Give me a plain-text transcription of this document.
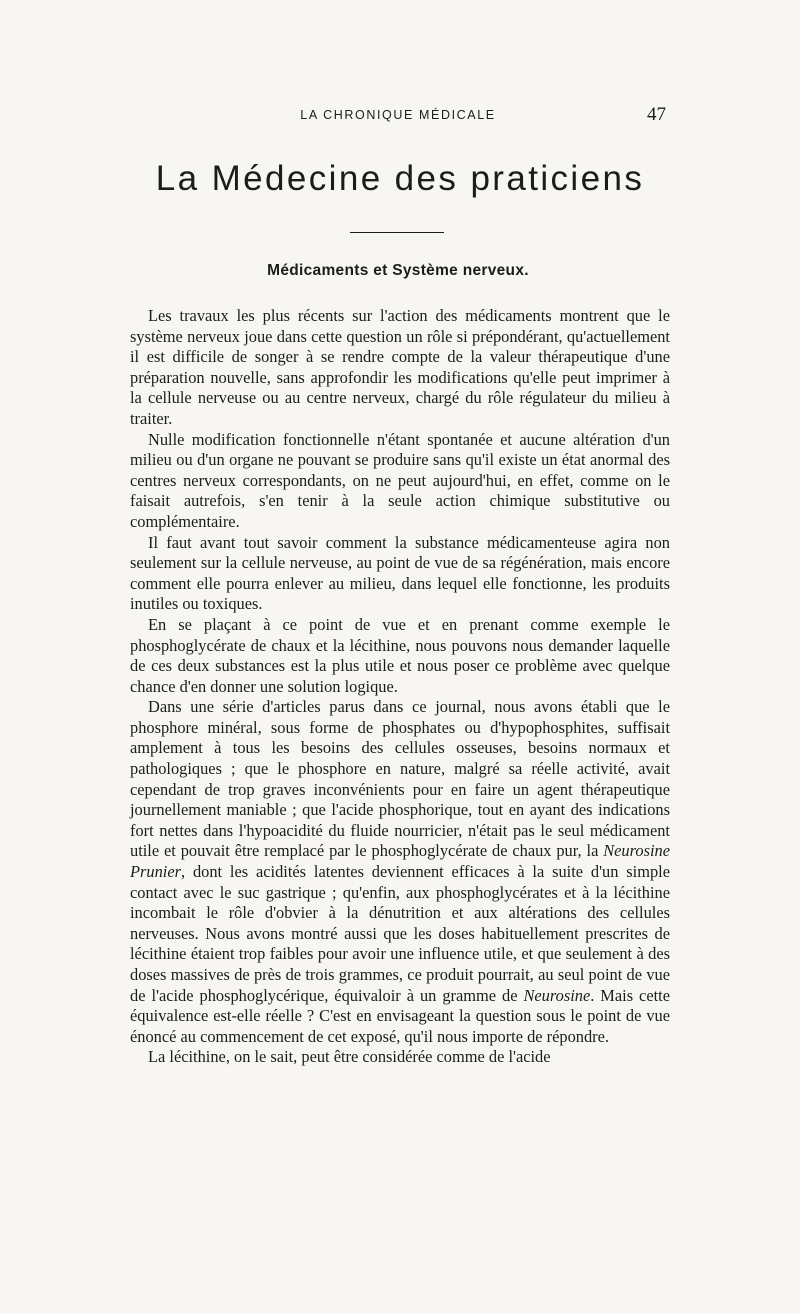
LA CHRONIQUE MÉDICALE	47
La Médecine des praticiens
Médicaments et Système nerveux.

Les travaux les plus récents sur l'action des médicaments montrent que le système nerveux joue dans cette question un rôle si prépondérant, qu'actuellement il est difficile de songer à se rendre compte de la valeur thérapeutique d'une préparation nouvelle, sans approfondir les modifications qu'elle peut imprimer à la cellule nerveuse ou au centre nerveux, chargé du rôle régulateur du milieu à traiter.

Nulle modification fonctionnelle n'étant spontanée et aucune altération d'un milieu ou d'un organe ne pouvant se produire sans qu'il existe un état anormal des centres nerveux correspondants, on ne peut aujourd'hui, en effet, comme on le faisait autrefois, s'en tenir à la seule action chimique substitutive ou complémentaire.

Il faut avant tout savoir comment la substance médicamenteuse agira non seulement sur la cellule nerveuse, au point de vue de sa régénération, mais encore comment elle pourra enlever au milieu, dans lequel elle fonctionne, les produits inutiles ou toxiques.

En se plaçant à ce point de vue et en prenant comme exemple le phosphoglycérate de chaux et la lécithine, nous pouvons nous demander laquelle de ces deux substances est la plus utile et nous poser ce problème avec quelque chance d'en donner une solution logique.

Dans une série d'articles parus dans ce journal, nous avons établi que le phosphore minéral, sous forme de phosphates ou d'hypophosphites, suffisait amplement à tous les besoins des cellules osseuses, besoins normaux et pathologiques ; que le phosphore en nature, malgré sa réelle activité, avait cependant de trop graves inconvénients pour en faire un agent thérapeutique journellement maniable ; que l'acide phosphorique, tout en ayant des indications fort nettes dans l'hypoacidité du fluide nourricier, n'était pas le seul médicament utile et pouvait être remplacé par le phosphoglycérate de chaux pur, la Neurosine Prunier, dont les acidités latentes deviennent efficaces à la suite d'un simple contact avec le suc gastrique ; qu'enfin, aux phosphoglycérates et à la lécithine incombait le rôle d'obvier à la dénutrition et aux altérations des cellules nerveuses. Nous avons montré aussi que les doses habituellement prescrites de lécithine étaient trop faibles pour avoir une influence utile, et que seulement à des doses massives de près de trois grammes, ce produit pourrait, au seul point de vue de l'acide phosphoglycérique, équivaloir à un gramme de Neurosine. Mais cette équivalence est-elle réelle ? C'est en envisageant la question sous le point de vue énoncé au commencement de cet exposé, qu'il nous importe de répondre.

La lécithine, on le sait, peut être considérée comme de l'acide
